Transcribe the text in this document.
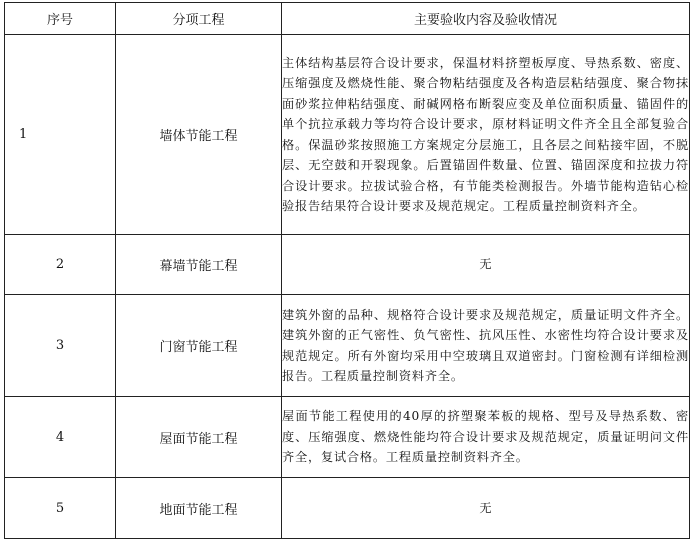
序号	分项工程	主要验收内容及验收情况
1	墙体节能工程	主体结构基层符合设计要求，保温材料挤塑板厚度、导热系数、密度、压缩强度及燃烧性能、聚合物粘结强度及各构造层粘结强度、聚合物抹面砂浆拉伸粘结强度、耐碱网格布断裂应变及单位面积质量、锚固件的单个抗拉承载力等均符合设计要求，原材料证明文件齐全且全部复验合格。保温砂浆按照施工方案规定分层施工，且各层之间粘接牢固，不脱层、无空鼓和开裂现象。后置锚固件数量、位置、锚固深度和拉拔力符合设计要求。拉拔试验合格，有节能类检测报告。外墙节能构造钻心检验报告结果符合设计要求及规范规定。工程质量控制资料齐全。
2	幕墙节能工程	无
3	门窗节能工程	建筑外窗的品种、规格符合设计要求及规范规定，质量证明文件齐全。建筑外窗的正气密性、负气密性、抗风压性、水密性均符合设计要求及规范规定。所有外窗均采用中空玻璃且双道密封。门窗检测有详细检测报告。工程质量控制资料齐全。
4	屋面节能工程	屋面节能工程使用的40厚的挤塑聚苯板的规格、型号及导热系数、密度、压缩强度、燃烧性能均符合设计要求及规范规定，质量证明问文件齐全，复试合格。工程质量控制资料齐全。
5	地面节能工程	无
